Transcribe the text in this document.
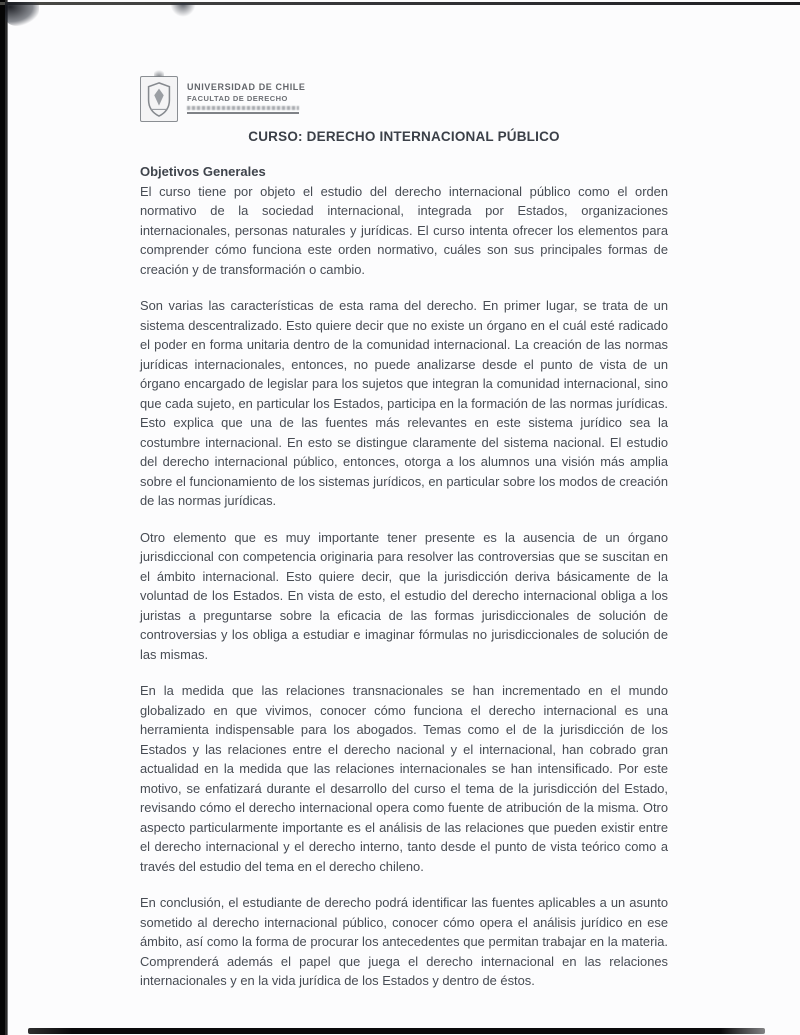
UNIVERSIDAD DE CHILE
FACULTAD DE DERECHO
CURSO: DERECHO INTERNACIONAL PÚBLICO
Objetivos Generales

El curso tiene por objeto el estudio del derecho internacional público como el orden normativo de la sociedad internacional, integrada por Estados, organizaciones internacionales, personas naturales y jurídicas. El curso intenta ofrecer los elementos para comprender cómo funciona este orden normativo, cuáles son sus principales formas de creación y de transformación o cambio.

Son varias las características de esta rama del derecho. En primer lugar, se trata de un sistema descentralizado. Esto quiere decir que no existe un órgano en el cuál esté radicado el poder en forma unitaria dentro de la comunidad internacional. La creación de las normas jurídicas internacionales, entonces, no puede analizarse desde el punto de vista de un órgano encargado de legislar para los sujetos que integran la comunidad internacional, sino que cada sujeto, en particular los Estados, participa en la formación de las normas jurídicas. Esto explica que una de las fuentes más relevantes en este sistema jurídico sea la costumbre internacional. En esto se distingue claramente del sistema nacional. El estudio del derecho internacional público, entonces, otorga a los alumnos una visión más amplia sobre el funcionamiento de los sistemas jurídicos, en particular sobre los modos de creación de las normas jurídicas.

Otro elemento que es muy importante tener presente es la ausencia de un órgano jurisdiccional con competencia originaria para resolver las controversias que se suscitan en el ámbito internacional. Esto quiere decir, que la jurisdicción deriva básicamente de la voluntad de los Estados. En vista de esto, el estudio del derecho internacional obliga a los juristas a preguntarse sobre la eficacia de las formas jurisdiccionales de solución de controversias y los obliga a estudiar e imaginar fórmulas no jurisdiccionales de solución de las mismas.

En la medida que las relaciones transnacionales se han incrementado en el mundo globalizado en que vivimos, conocer cómo funciona el derecho internacional es una herramienta indispensable para los abogados. Temas como el de la jurisdicción de los Estados y las relaciones entre el derecho nacional y el internacional, han cobrado gran actualidad en la medida que las relaciones internacionales se han intensificado. Por este motivo, se enfatizará durante el desarrollo del curso el tema de la jurisdicción del Estado, revisando cómo el derecho internacional opera como fuente de atribución de la misma. Otro aspecto particularmente importante es el análisis de las relaciones que pueden existir entre el derecho internacional y el derecho interno, tanto desde el punto de vista teórico como a través del estudio del tema en el derecho chileno.

En conclusión, el estudiante de derecho podrá identificar las fuentes aplicables a un asunto sometido al derecho internacional público, conocer cómo opera el análisis jurídico en ese ámbito, así como la forma de procurar los antecedentes que permitan trabajar en la materia. Comprenderá además el papel que juega el derecho internacional en las relaciones internacionales y en la vida jurídica de los Estados y dentro de éstos.
